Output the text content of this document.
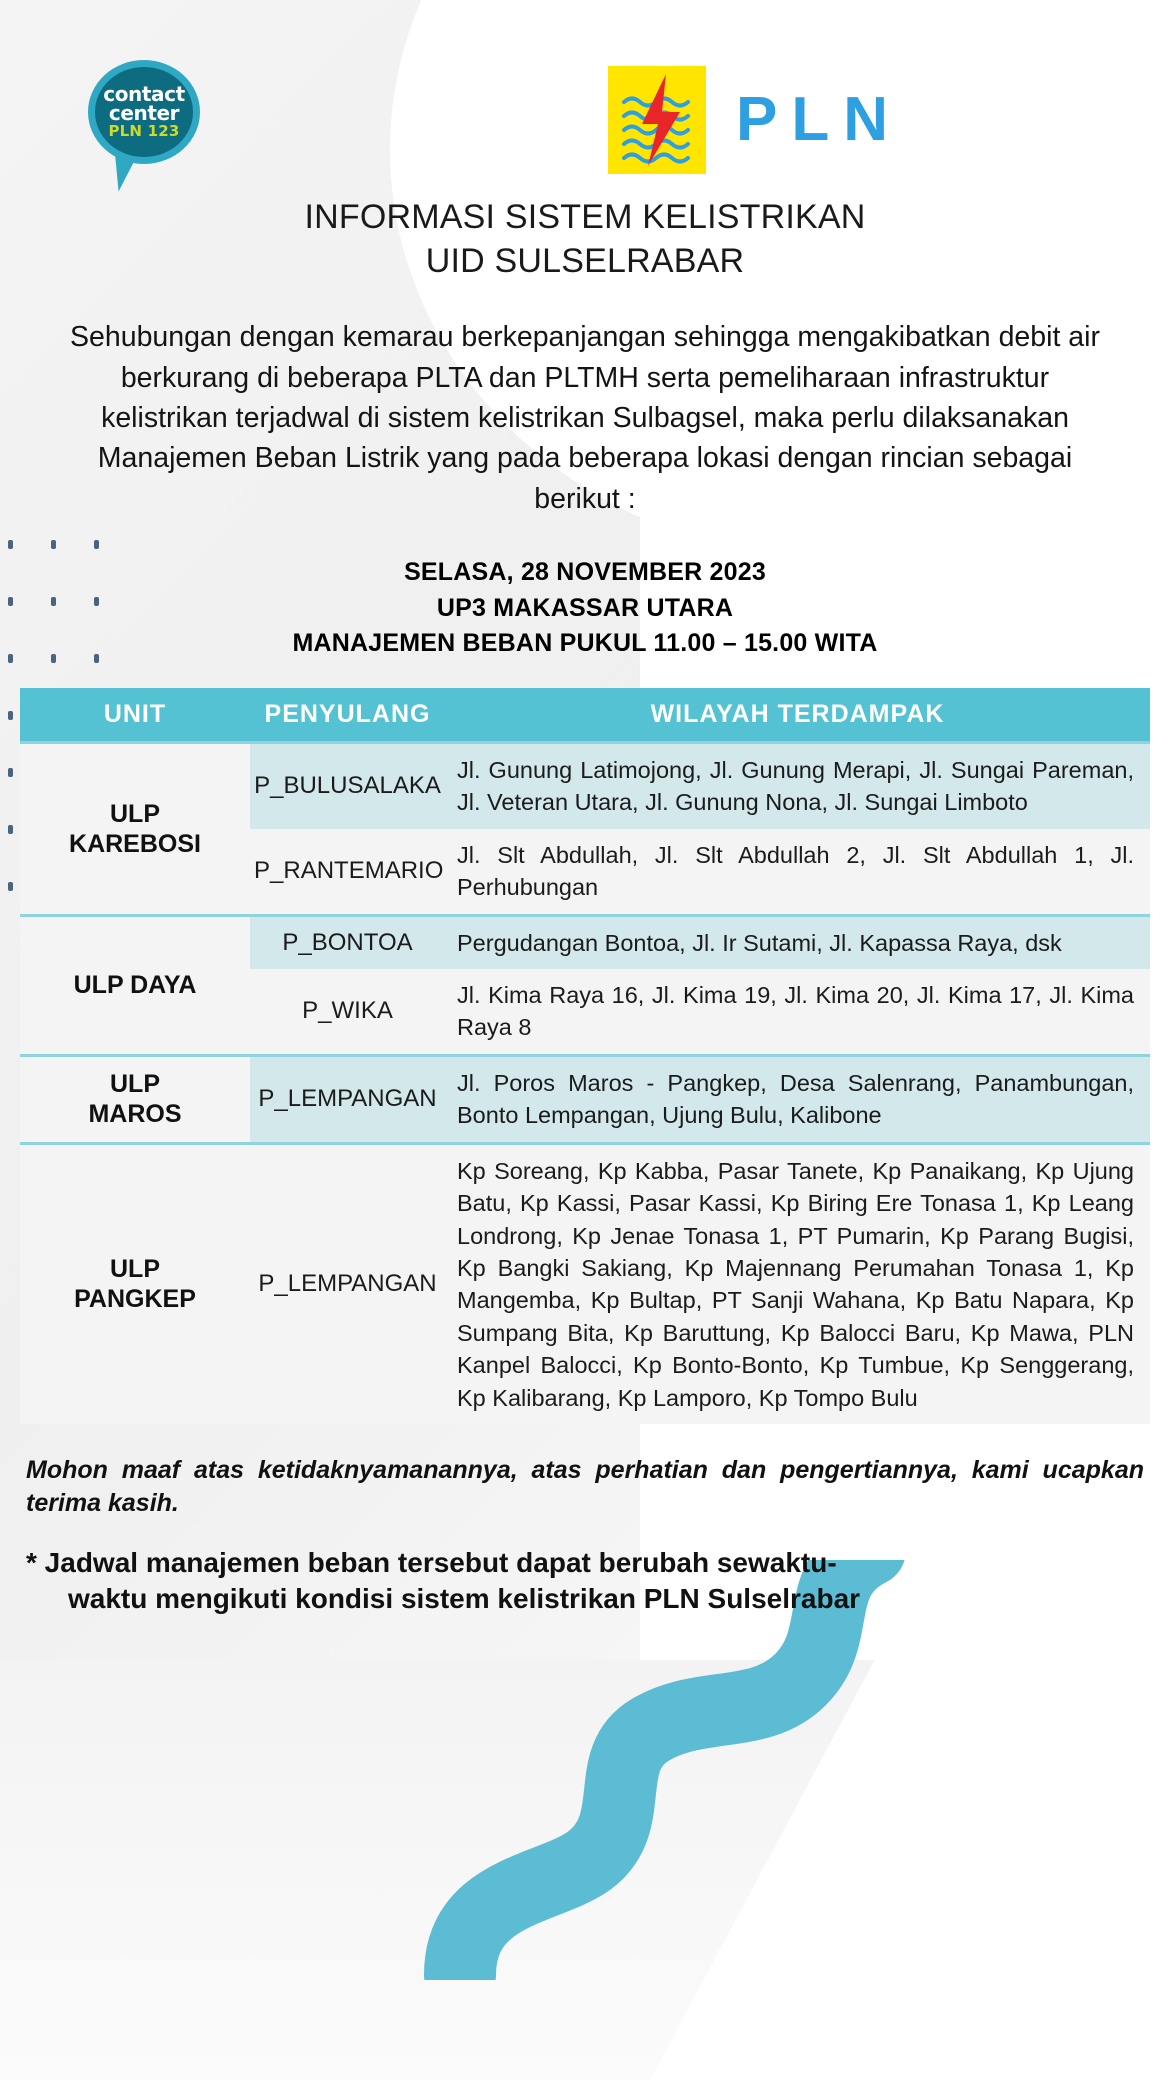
contact
center
PLN 123	PLN
INFORMASI SISTEM KELISTRIKAN
UID SULSELRABAR

Sehubungan dengan kemarau berkepanjangan sehingga mengakibatkan debit air berkurang di beberapa PLTA dan PLTMH serta pemeliharaan infrastruktur kelistrikan terjadwal di sistem kelistrikan Sulbagsel, maka perlu dilaksanakan Manajemen Beban Listrik yang pada beberapa lokasi dengan rincian sebagai berikut :

SELASA, 28 NOVEMBER 2023
UP3 MAKASSAR UTARA
MANAJEMEN BEBAN PUKUL 11.00 – 15.00 WITA
UNIT	PENYULANG	WILAYAH TERDAMPAK

ULP
KAREBOSI	P_BULUSALAKA	Jl. Gunung Latimojong, Jl. Gunung Merapi, Jl. Sungai Pareman, Jl. Veteran Utara, Jl. Gunung Nona, Jl. Sungai Limboto
	P_RANTEMARIO	Jl. Slt Abdullah, Jl. Slt Abdullah 2, Jl. Slt Abdullah 1, Jl. Perhubungan

ULP DAYA	P_BONTOA	Pergudangan Bontoa, Jl. Ir Sutami, Jl. Kapassa Raya, dsk
	P_WIKA	Jl. Kima Raya 16, Jl. Kima 19, Jl. Kima 20, Jl. Kima 17, Jl. Kima Raya 8

ULP
MAROS	P_LEMPANGAN	Jl. Poros Maros - Pangkep, Desa Salenrang, Panambungan, Bonto Lempangan, Ujung Bulu, Kalibone

ULP
PANGKEP	P_LEMPANGAN	Kp Soreang, Kp Kabba, Pasar Tanete, Kp Panaikang, Kp Ujung Batu, Kp Kassi, Pasar Kassi, Kp Biring Ere Tonasa 1, Kp Leang Londrong, Kp Jenae Tonasa 1, PT Pumarin, Kp Parang Bugisi, Kp Bangki Sakiang, Kp Majennang Perumahan Tonasa 1, Kp Mangemba, Kp Bultap, PT Sanji Wahana, Kp Batu Napara, Kp Sumpang Bita, Kp Baruttung, Kp Balocci Baru, Kp Mawa, PLN Kanpel Balocci, Kp Bonto-Bonto, Kp Tumbue, Kp Senggerang, Kp Kalibarang, Kp Lamporo, Kp Tompo Bulu

Mohon maaf atas ketidaknyamanannya, atas perhatian dan pengertiannya, kami ucapkan terima kasih.

* Jadwal manajemen beban tersebut dapat berubah sewaktu-
waktu mengikuti kondisi sistem kelistrikan PLN Sulselrabar
